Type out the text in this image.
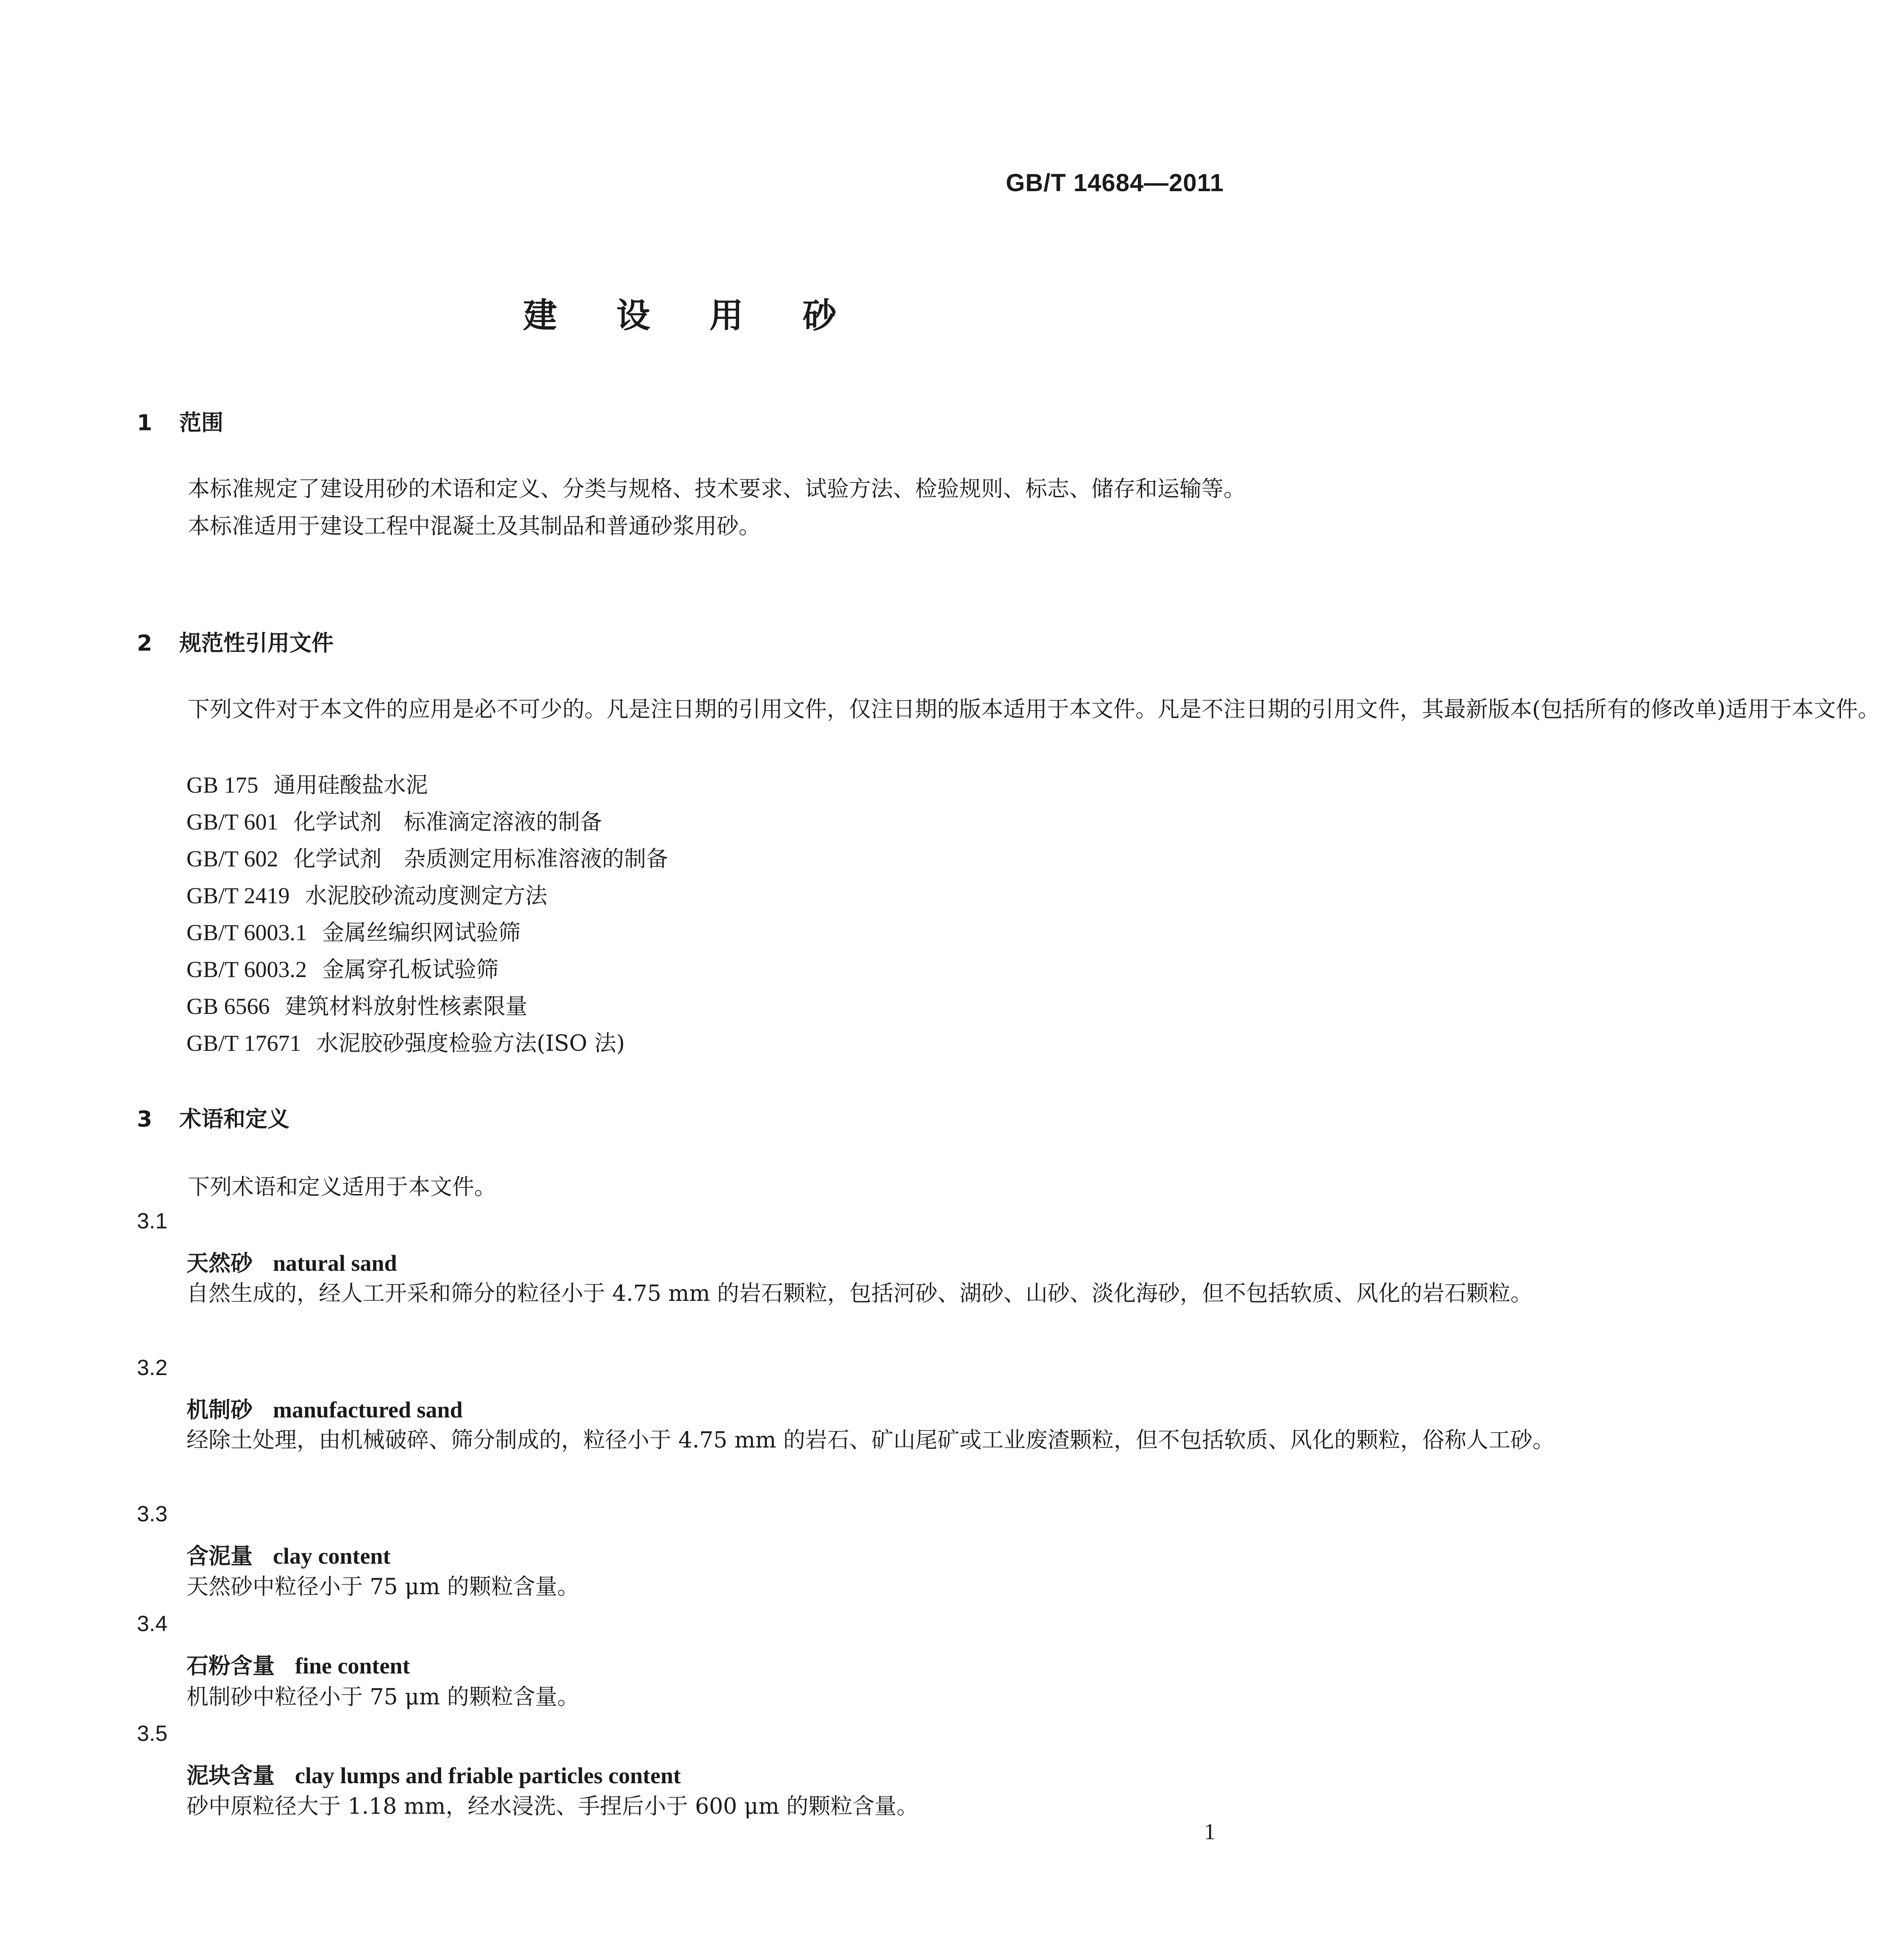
GB/T 14684—2011
建 设 用 砂
1 范围

本标准规定了建设用砂的术语和定义、分类与规格、技术要求、试验方法、检验规则、标志、储存和运输等。

本标准适用于建设工程中混凝土及其制品和普通砂浆用砂。

2 规范性引用文件

下列文件对于本文件的应用是必不可少的。凡是注日期的引用文件，仅注日期的版本适用于本文件。凡是不注日期的引用文件，其最新版本(包括所有的修改单)适用于本文件。

GB 175 通用硅酸盐水泥
GB/T 601 化学试剂　标准滴定溶液的制备
GB/T 602 化学试剂　杂质测定用标准溶液的制备
GB/T 2419 水泥胶砂流动度测定方法
GB/T 6003.1 金属丝编织网试验筛
GB/T 6003.2 金属穿孔板试验筛
GB 6566 建筑材料放射性核素限量
GB/T 17671 水泥胶砂强度检验方法(ISO 法)
3 术语和定义

下列术语和定义适用于本文件。

3.1
天然砂 natural sand

自然生成的，经人工开采和筛分的粒径小于 4.75 mm 的岩石颗粒，包括河砂、湖砂、山砂、淡化海砂，但不包括软质、风化的岩石颗粒。

3.2
机制砂 manufactured sand

经除土处理，由机械破碎、筛分制成的，粒径小于 4.75 mm 的岩石、矿山尾矿或工业废渣颗粒，但不包括软质、风化的颗粒，俗称人工砂。

3.3
含泥量 clay content

天然砂中粒径小于 75 μm 的颗粒含量。

3.4
石粉含量 fine content

机制砂中粒径小于 75 μm 的颗粒含量。

3.5
泥块含量 clay lumps and friable particles content

砂中原粒径大于 1.18 mm，经水浸洗、手捏后小于 600 μm 的颗粒含量。

1
